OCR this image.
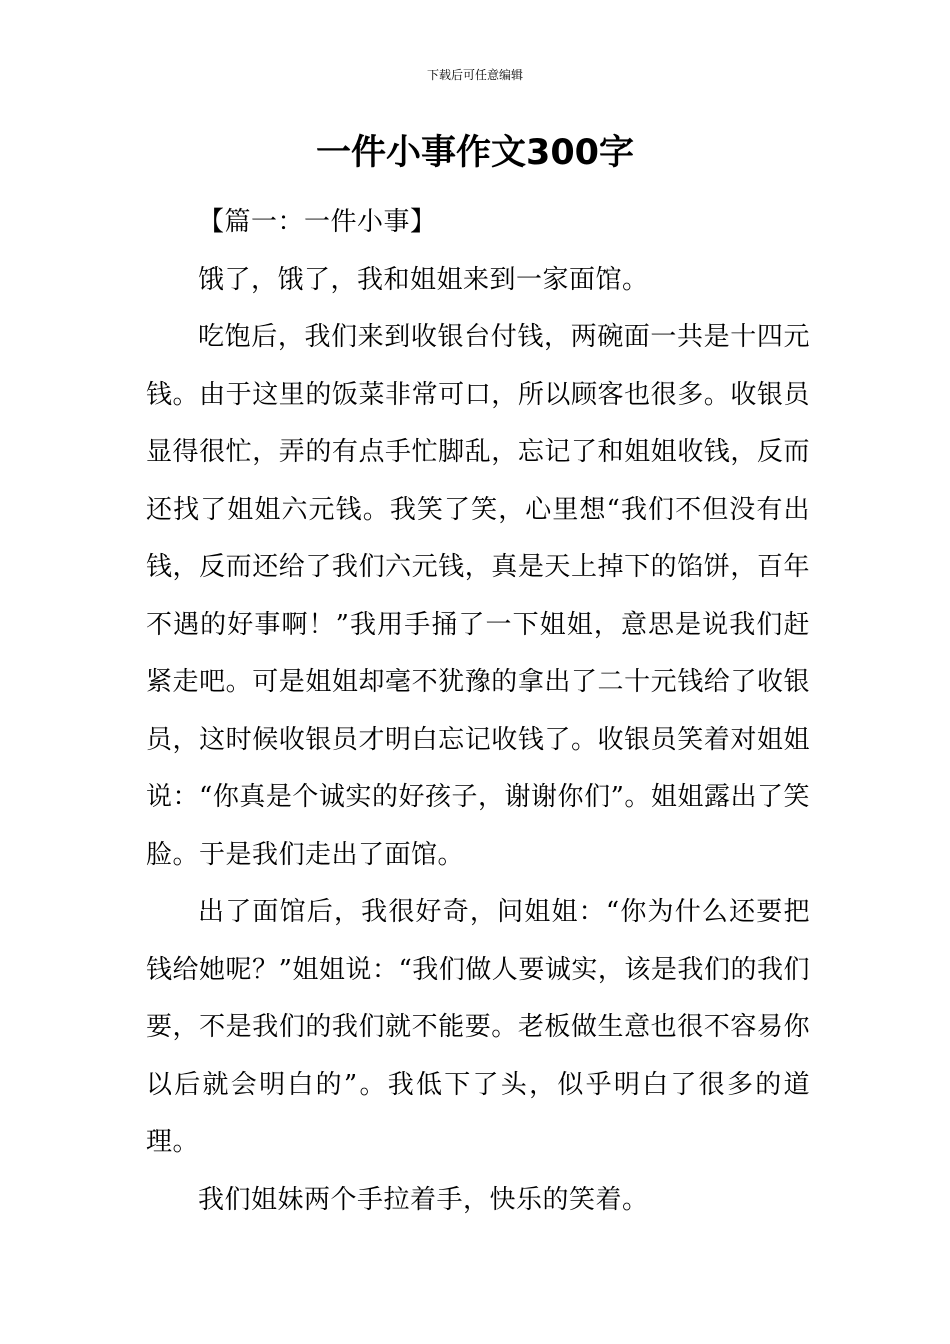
下载后可任意编辑
一件小事作文300字

【篇一：一件小事】

饿了，饿了，我和姐姐来到一家面馆。

吃饱后，我们来到收银台付钱，两碗面一共是十四元钱。由于这里的饭菜非常可口，所以顾客也很多。收银员显得很忙，弄的有点手忙脚乱，忘记了和姐姐收钱，反而还找了姐姐六元钱。我笑了笑，心里想“我们不但没有出钱，反而还给了我们六元钱，真是天上掉下的馅饼，百年不遇的好事啊！”我用手捅了一下姐姐，意思是说我们赶紧走吧。可是姐姐却毫不犹豫的拿出了二十元钱给了收银员，这时候收银员才明白忘记收钱了。收银员笑着对姐姐说：“你真是个诚实的好孩子，谢谢你们”。姐姐露出了笑脸。于是我们走出了面馆。

出了面馆后，我很好奇，问姐姐：“你为什么还要把钱给她呢？”姐姐说：“我们做人要诚实，该是我们的我们要，不是我们的我们就不能要。老板做生意也很不容易你以后就会明白的”。我低下了头，似乎明白了很多的道理。

我们姐妹两个手拉着手，快乐的笑着。
